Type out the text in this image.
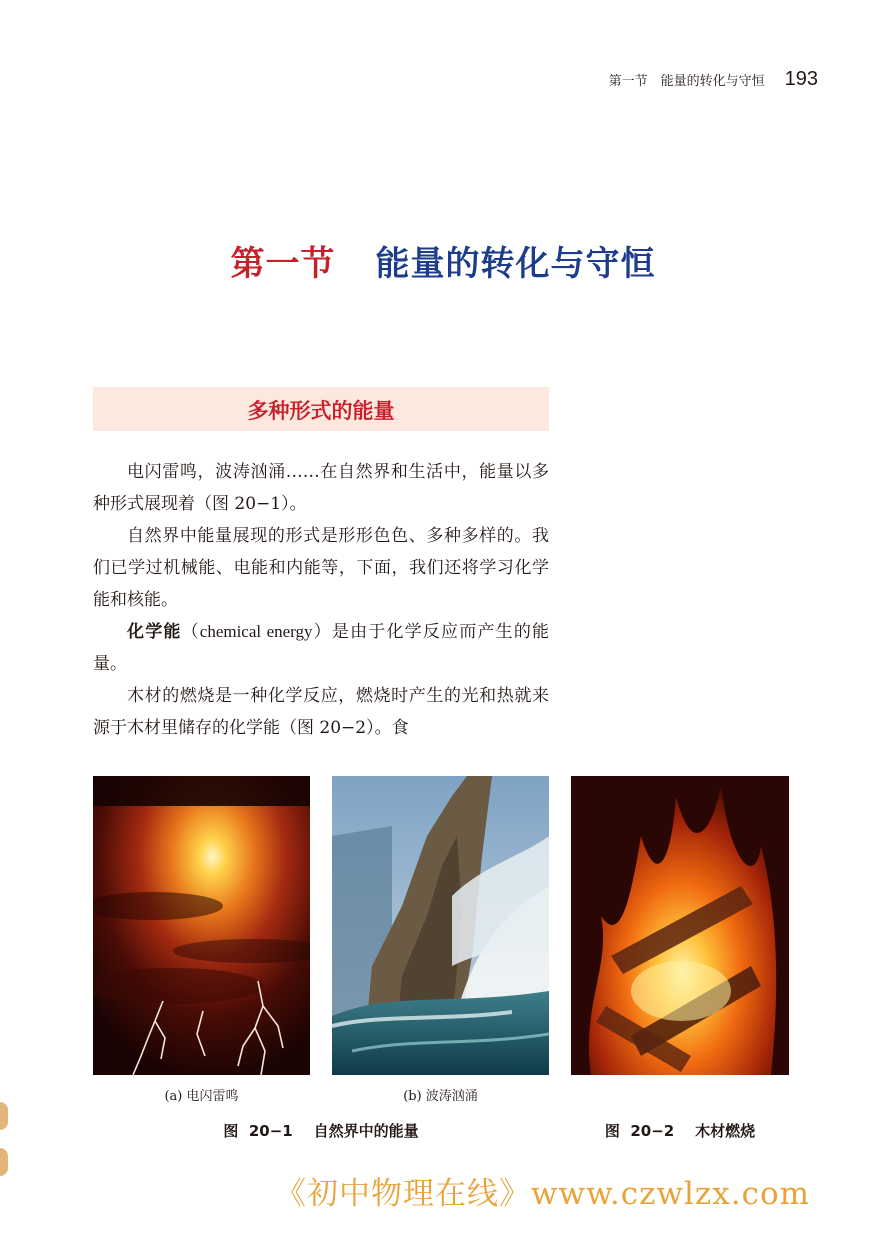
第一节　能量的转化与守恒 193
第一节 能量的转化与守恒
多种形式的能量

电闪雷鸣，波涛汹涌……在自然界和生活中，能量以多种形式展现着（图 20−1）。

自然界中能量展现的形式是形形色色、多种多样的。我们已学过机械能、电能和内能等，下面，我们还将学习化学能和核能。

化学能（chemical energy）是由于化学反应而产生的能量。

木材的燃烧是一种化学反应，燃烧时产生的光和热就来源于木材里储存的化学能（图 20−2）。食

(a) 电闪雷鸣	(b) 波涛汹涌
图  20−1    自然界中的能量	图  20−2    木材燃烧
《初中物理在线》www.czwlzx.com
